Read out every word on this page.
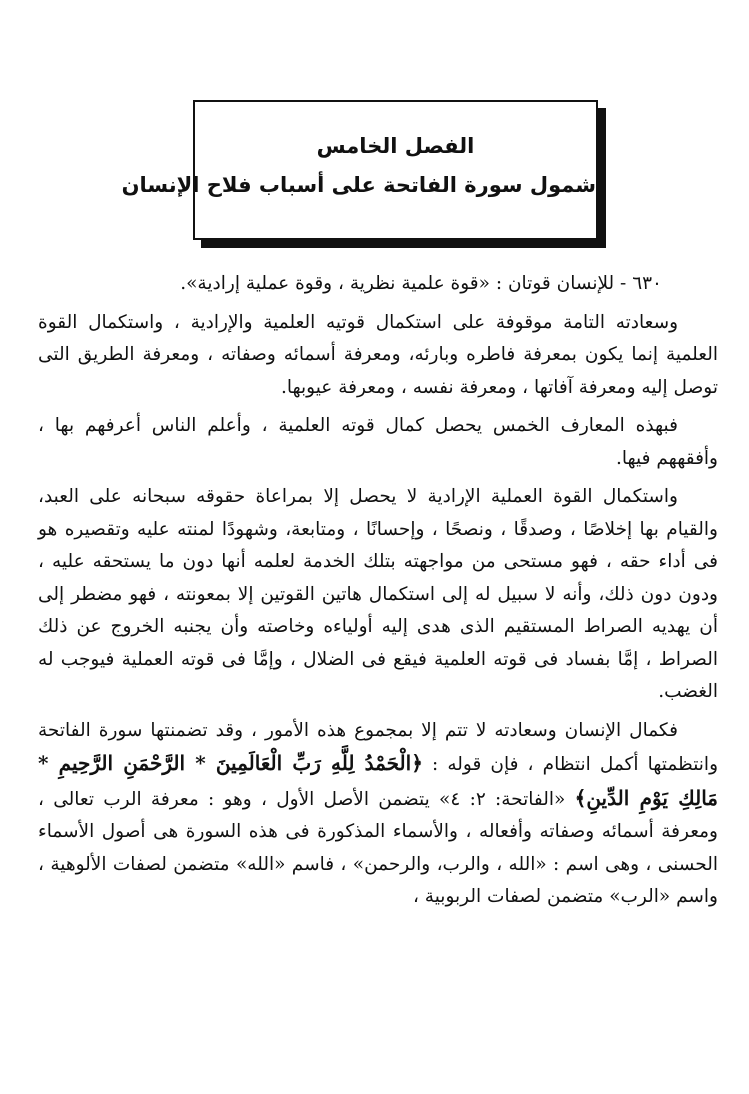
الفصل الخامس
شمول سورة الفاتحة على أسباب فلاح الإنسان

٦٣٠ - للإنسان قوتان : «قوة علمية نظرية ، وقوة عملية إرادية».

وسعادته التامة موقوفة على استكمال قوتيه العلمية والإرادية ، واستكمال القوة العلمية إنما يكون بمعرفة فاطره وبارئه، ومعرفة أسمائه وصفاته ، ومعرفة الطريق التى توصل إليه ومعرفة آفاتها ، ومعرفة نفسه ، ومعرفة عيوبها.

فبهذه المعارف الخمس يحصل كمال قوته العلمية ، وأعلم الناس أعرفهم بها ، وأفقههم فيها.

واستكمال القوة العملية الإرادية لا يحصل إلا بمراعاة حقوقه سبحانه على العبد، والقيام بها إخلاصًا ، وصدقًا ، ونصحًا ، وإحسانًا ، ومتابعة، وشهودًا لمنته عليه وتقصيره هو فى أداء حقه ، فهو مستحى من مواجهته بتلك الخدمة لعلمه أنها دون ما يستحقه عليه ، ودون دون ذلك، وأنه لا سبيل له إلى استكمال هاتين القوتين إلا بمعونته ، فهو مضطر إلى أن يهديه الصراط المستقيم الذى هدى إليه أولياءه وخاصته وأن يجنبه الخروج عن ذلك الصراط ، إمَّا بفساد فى قوته العلمية فيقع فى الضلال ، وإمَّا فى قوته العملية فيوجب له الغضب.

فكمال الإنسان وسعادته لا تتم إلا بمجموع هذه الأمور ، وقد تضمنتها سورة الفاتحة وانتظمتها أكمل انتظام ، فإن قوله : ﴿الْحَمْدُ لِلَّهِ رَبِّ الْعَالَمِينَ * الرَّحْمَنِ الرَّحِيمِ * مَالِكِ يَوْمِ الدِّينِ﴾ «الفاتحة: ٢: ٤» يتضمن الأصل الأول ، وهو : معرفة الرب تعالى ، ومعرفة أسمائه وصفاته وأفعاله ، والأسماء المذكورة فى هذه السورة هى أصول الأسماء الحسنى ، وهى اسم : «الله ، والرب، والرحمن» ، فاسم «الله» متضمن لصفات الألوهية ، واسم «الرب» متضمن لصفات الربوبية ،
